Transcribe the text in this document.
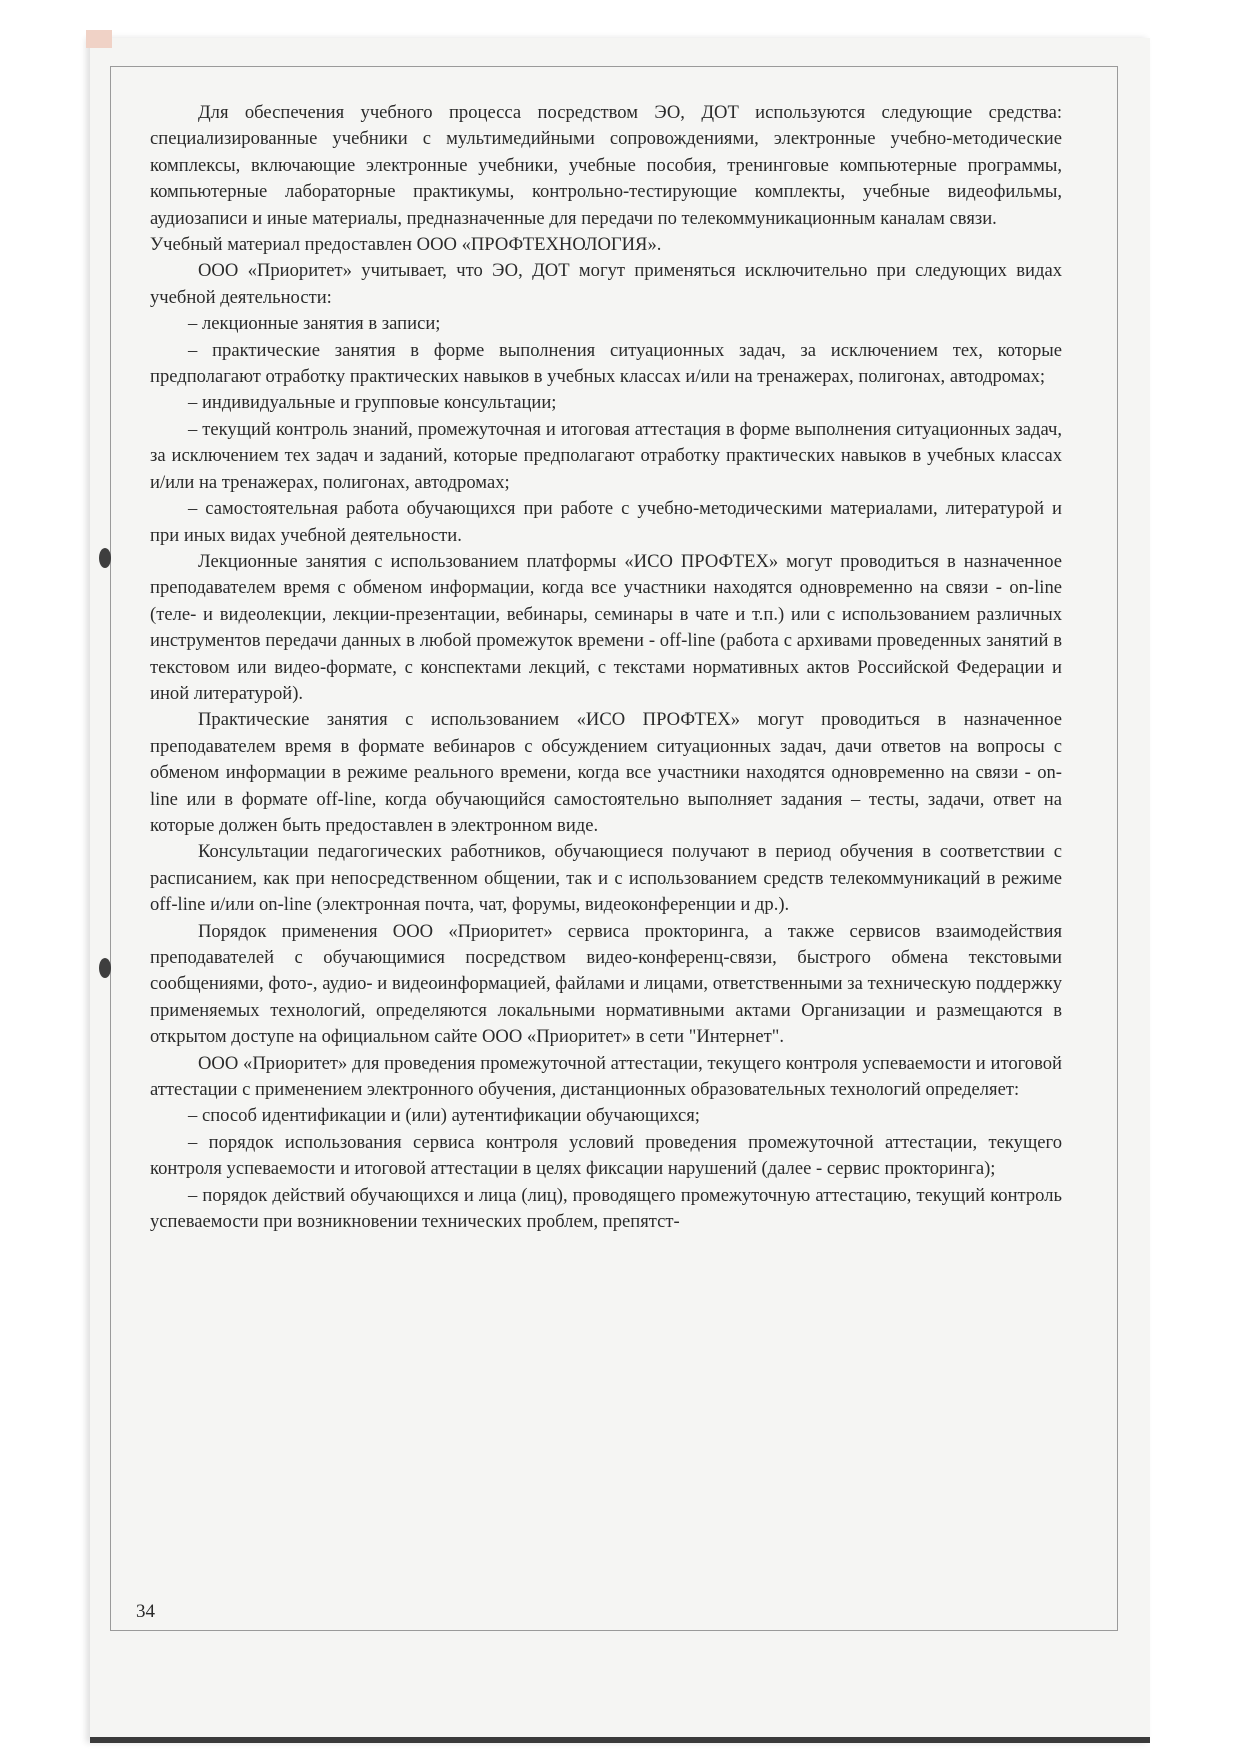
Для обеспечения учебного процесса посредством ЭО, ДОТ используются следующие средства: специализированные учебники с мультимедийными сопровождениями, электронные учебно-методические комплексы, включающие электронные учебники, учебные пособия, тренинговые компьютерные программы, компьютерные лабораторные практикумы, контрольно-тестирующие комплекты, учебные видеофильмы, аудиозаписи и иные материалы, предназначенные для передачи по телекоммуникационным каналам связи.

Учебный материал предоставлен ООО «ПРОФТЕХНОЛОГИЯ».

ООО «Приоритет» учитывает, что ЭО, ДОТ могут применяться исключительно при следующих видах учебной деятельности:

– лекционные занятия в записи;

– практические занятия в форме выполнения ситуационных задач, за исключением тех, которые предполагают отработку практических навыков в учебных классах и/или на тренажерах, полигонах, автодромах;

– индивидуальные и групповые консультации;

– текущий контроль знаний, промежуточная и итоговая аттестация в форме выполнения ситуационных задач, за исключением тех задач и заданий, которые предполагают отработку практических навыков в учебных классах и/или на тренажерах, полигонах, автодромах;

– самостоятельная работа обучающихся при работе с учебно-методическими материалами, литературой и при иных видах учебной деятельности.

Лекционные занятия с использованием платформы «ИСО ПРОФТЕХ» могут проводиться в назначенное преподавателем время с обменом информации, когда все участники находятся одновременно на связи - on-line (теле- и видеолекции, лекции-презентации, вебинары, семинары в чате и т.п.) или с использованием различных инструментов передачи данных в любой промежуток времени - off-line (работа с архивами проведенных занятий в текстовом или видео-формате, с конспектами лекций, с текстами нормативных актов Российской Федерации и иной литературой).

Практические занятия с использованием «ИСО ПРОФТЕХ» могут проводиться в назначенное преподавателем время в формате вебинаров с обсуждением ситуационных задач, дачи ответов на вопросы с обменом информации в режиме реального времени, когда все участники находятся одновременно на связи - on-line или в формате off-line, когда обучающийся самостоятельно выполняет задания – тесты, задачи, ответ на которые должен быть предоставлен в электронном виде.

Консультации педагогических работников, обучающиеся получают в период обучения в соответствии с расписанием, как при непосредственном общении, так и с использованием средств телекоммуникаций в режиме off-line и/или on-line (электронная почта, чат, форумы, видеоконференции и др.).

Порядок применения ООО «Приоритет» сервиса прокторинга, а также сервисов взаимодействия преподавателей с обучающимися посредством видео-конференц-связи, быстрого обмена текстовыми сообщениями, фото-, аудио- и видеоинформацией, файлами и лицами, ответственными за техническую поддержку применяемых технологий, определяются локальными нормативными актами Организации и размещаются в открытом доступе на официальном сайте ООО «Приоритет» в сети "Интернет".

ООО «Приоритет» для проведения промежуточной аттестации, текущего контроля успеваемости и итоговой аттестации с применением электронного обучения, дистанционных образовательных технологий определяет:

– способ идентификации и (или) аутентификации обучающихся;

– порядок использования сервиса контроля условий проведения промежуточной аттестации, текущего контроля успеваемости и итоговой аттестации в целях фиксации нарушений (далее - сервис прокторинга);

– порядок действий обучающихся и лица (лиц), проводящего промежуточную аттестацию, текущий контроль успеваемости при возникновении технических проблем, препятст-

34
